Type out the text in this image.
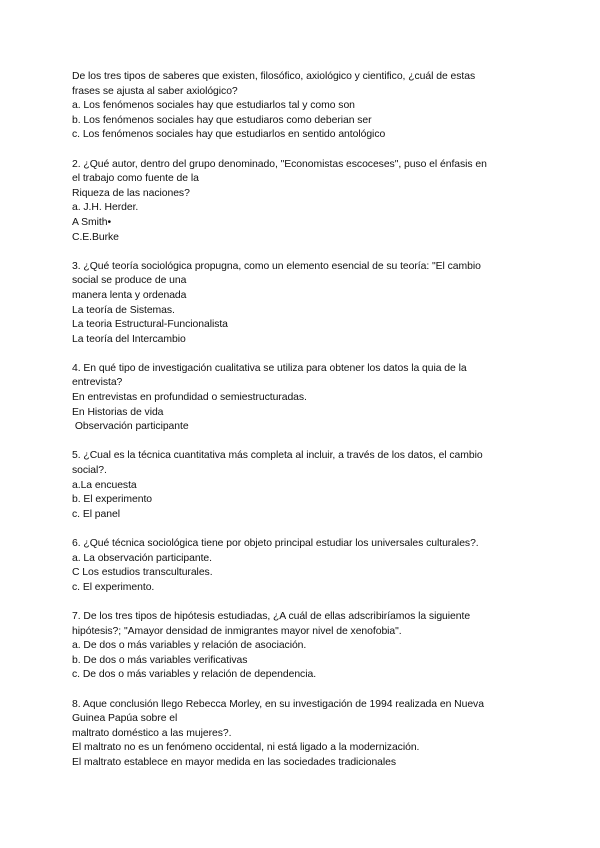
De los tres tipos de saberes que existen, filosófico, axiológico y cientifico, ¿cuál de estas
frases se ajusta al saber axiológico?
a. Los fenómenos sociales hay que estudiarlos tal y como son
b. Los fenómenos sociales hay que estudiaros como deberian ser
c. Los fenómenos sociales hay que estudiarlos en sentido antológico
2. ¿Qué autor, dentro del grupo denominado, "Economistas escoceses", puso el énfasis en
el trabajo como fuente de la
Riqueza de las naciones?
a. J.H. Herder.
A Smith•
C.E.Burke
3. ¿Qué teoría sociológica propugna, como un elemento esencial de su teoría: "El cambio
social se produce de una
manera lenta y ordenada
La teoría de Sistemas.
La teoria Estructural-Funcionalista
La teoría del Intercambio
4. En qué tipo de investigación cualitativa se utiliza para obtener los datos la quia de la
entrevista?
En entrevistas en profundidad o semiestructuradas.
En Historias de vida
Observación participante
5. ¿Cual es la técnica cuantitativa más completa al incluir, a través de los datos, el cambio
social?.
a.La encuesta
b. El experimento
c. El panel
6. ¿Qué técnica sociológica tiene por objeto principal estudiar los universales culturales?.
a. La observación participante.
C Los estudios transculturales.
c. El experimento.
7. De los tres tipos de hipótesis estudiadas, ¿A cuál de ellas adscribiríamos la siguiente
hipótesis?; "Amayor densidad de inmigrantes mayor nivel de xenofobia".
a. De dos o más variables y relación de asociación.
b. De dos o más variables verificativas
c. De dos o más variables y relación de dependencia.
8. Aque conclusión llego Rebecca Morley, en su investigación de 1994 realizada en Nueva
Guinea Papúa sobre el
maltrato doméstico a las mujeres?.
El maltrato no es un fenómeno occidental, ni está ligado a la modernización.
El maltrato establece en mayor medida en las sociedades tradicionales
